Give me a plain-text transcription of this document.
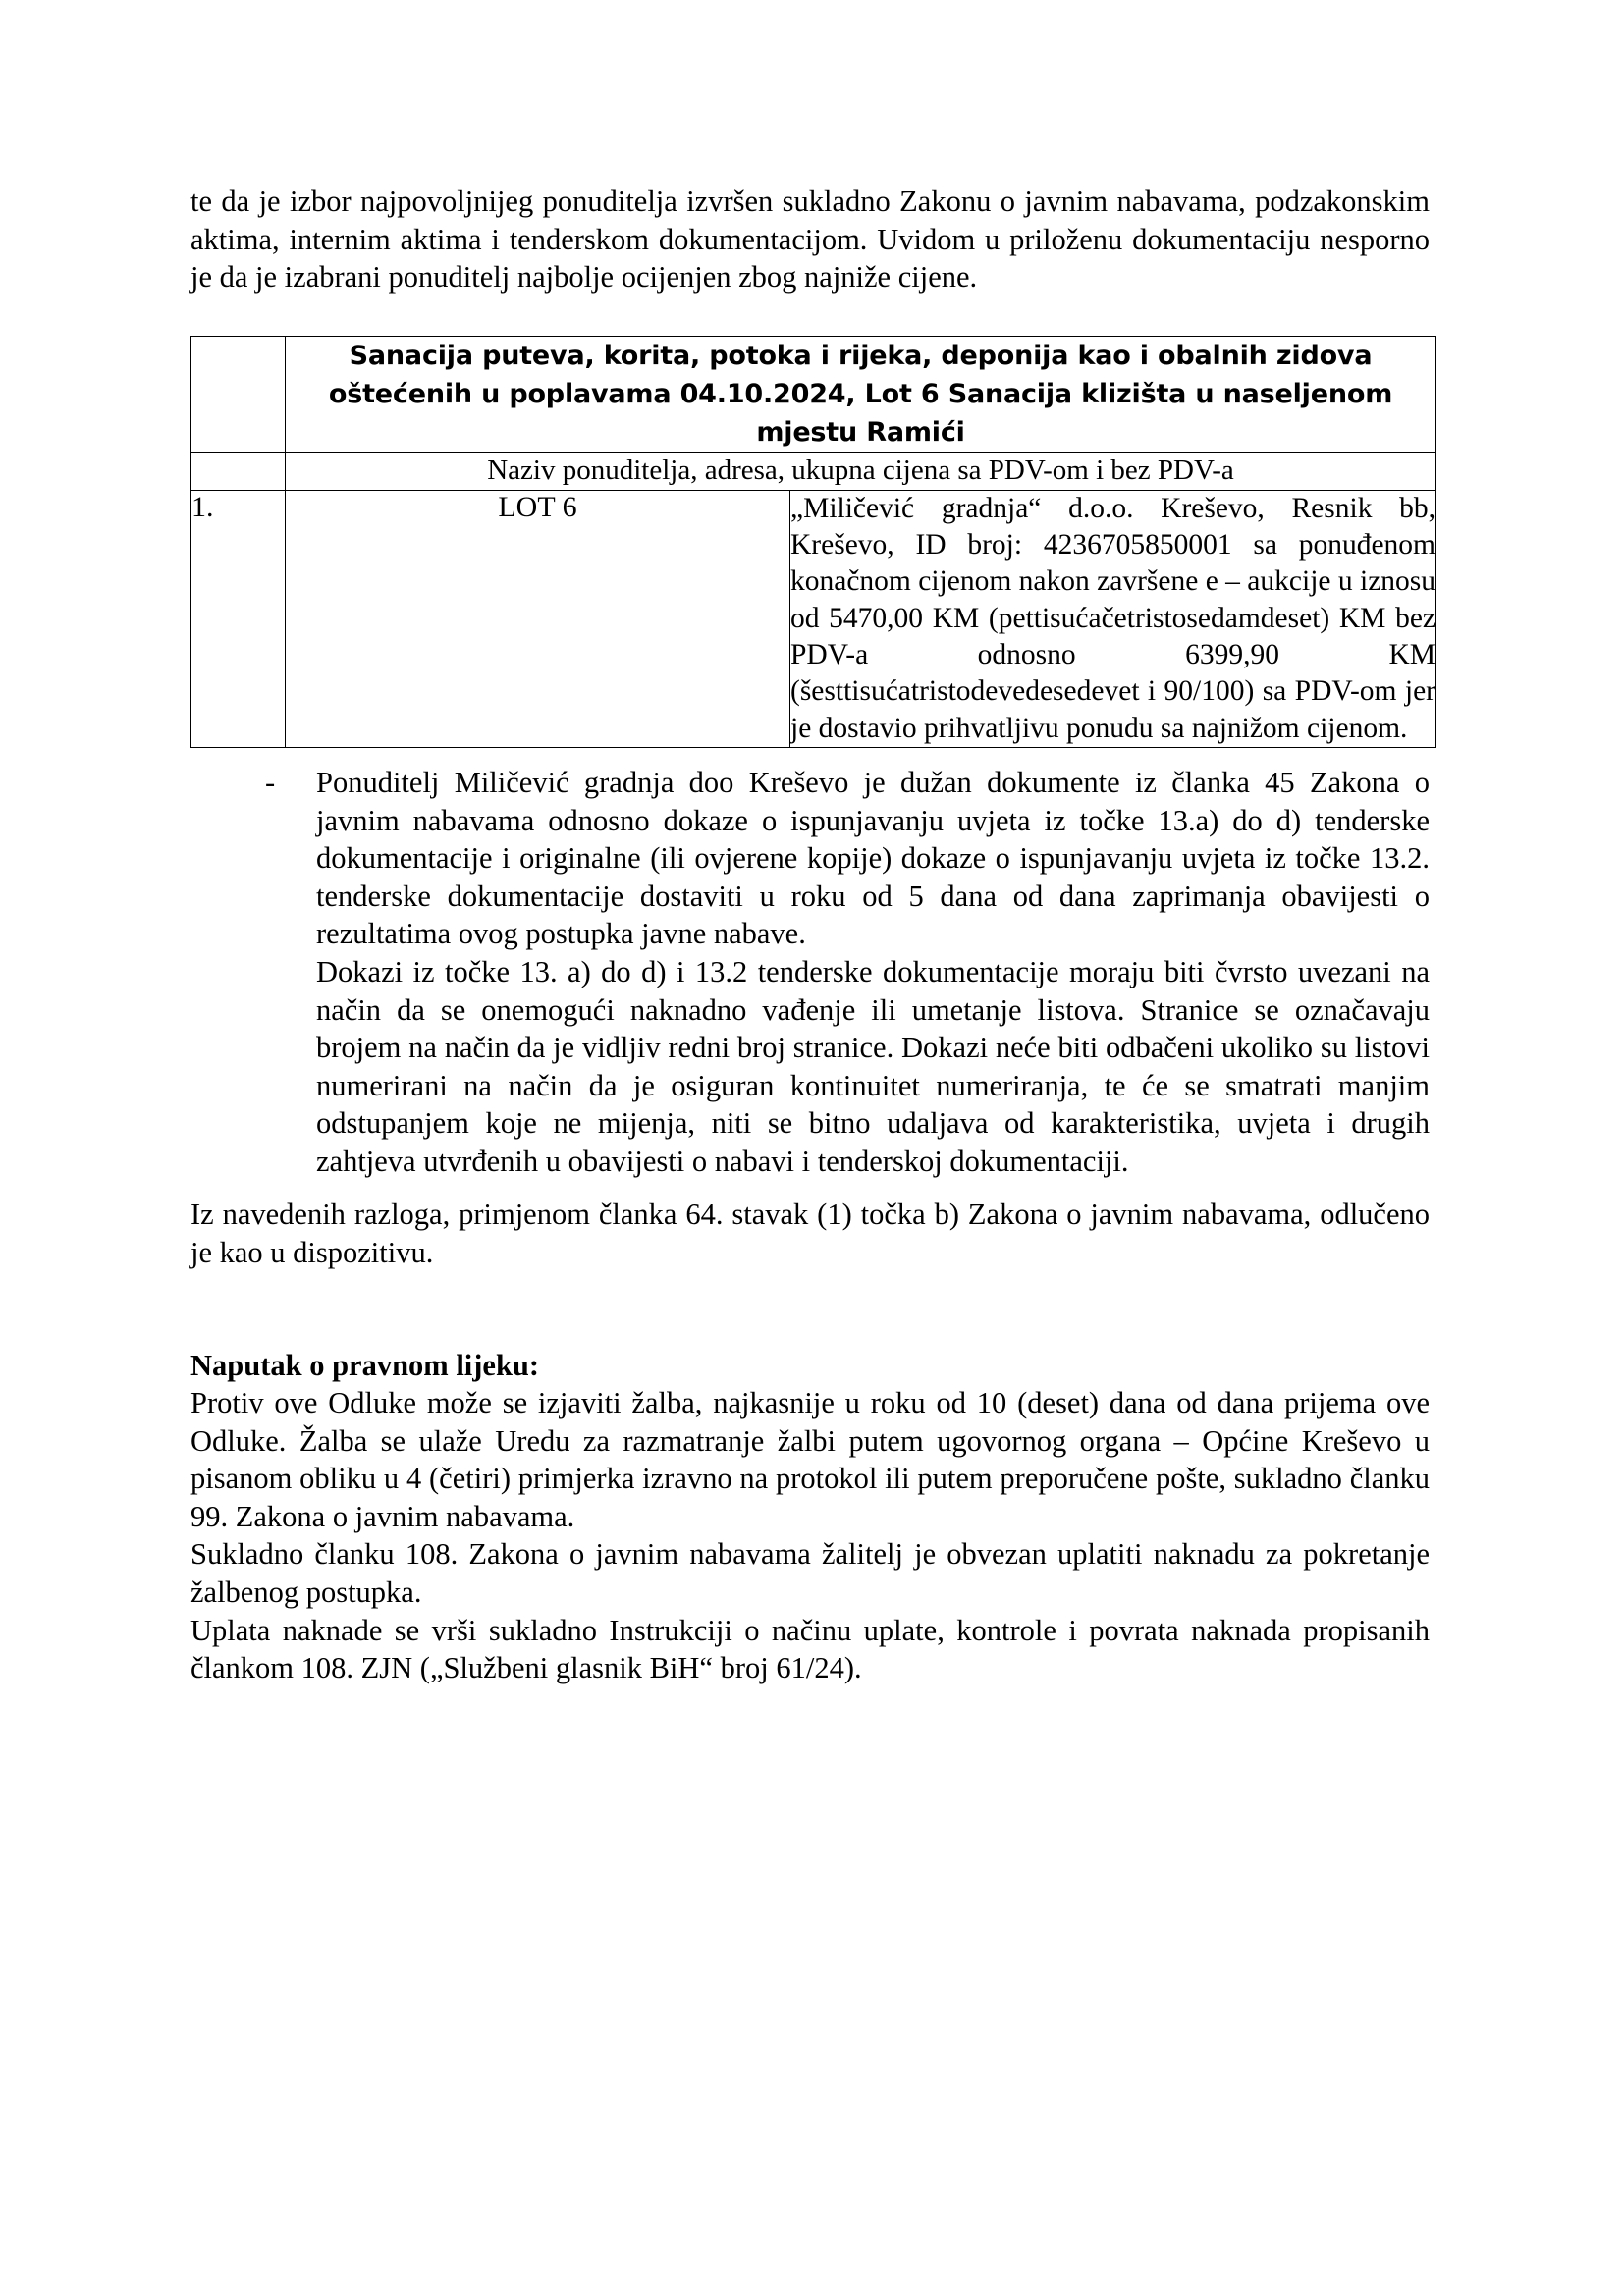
te da je izbor najpovoljnijeg ponuditelja izvršen sukladno Zakonu o javnim nabavama, podzakonskim aktima, internim aktima i tenderskom dokumentacijom. Uvidom u priloženu dokumentaciju nesporno je da je izabrani ponuditelj najbolje ocijenjen zbog najniže cijene.

	Sanacija puteva, korita, potoka i rijeka, deponija kao i obalnih zidova oštećenih u poplavama 04.10.2024, Lot 6 Sanacija klizišta u naseljenom mjestu Ramići	

	Naziv ponuditelja, adresa, ukupna cijena sa PDV-om i bez PDV-a	

1.	LOT 6	„Miličević gradnja“ d.o.o. Kreševo, Resnik bb, Kreševo, ID broj: 4236705850001 sa ponuđenom konačnom cijenom nakon završene e – aukcije u iznosu od 5470,00 KM (pettisućačetristosedamdeset) KM bez PDV-a odnosno 6399,90 KM (šesttisućatristodevedesedevet i 90/100) sa PDV-om jer je dostavio prihvatljivu ponudu sa najnižom cijenom.
-	Ponuditelj Miličević gradnja doo Kreševo je dužan dokumente iz članka 45 Zakona o javnim nabavama odnosno dokaze o ispunjavanju uvjeta iz točke 13.a) do d) tenderske dokumentacije i originalne (ili ovjerene kopije) dokaze o ispunjavanju uvjeta iz točke 13.2. tenderske dokumentacije dostaviti u roku od 5 dana od dana zaprimanja obavijesti o rezultatima ovog postupka javne nabave.
Dokazi iz točke 13. a) do d) i 13.2 tenderske dokumentacije moraju biti čvrsto uvezani na način da se onemogući naknadno vađenje ili umetanje listova. Stranice se označavaju brojem na način da je vidljiv redni broj stranice. Dokazi neće biti odbačeni ukoliko su listovi numerirani na način da je osiguran kontinuitet numeriranja, te će se smatrati manjim odstupanjem koje ne mijenja, niti se bitno udaljava od karakteristika, uvjeta i drugih zahtjeva utvrđenih u obavijesti o nabavi i tenderskoj dokumentaciji.

Iz navedenih razloga, primjenom članka 64. stavak (1) točka b) Zakona o javnim nabavama, odlučeno je kao u dispozitivu.

Naputak o pravnom lijeku:

Protiv ove Odluke može se izjaviti žalba, najkasnije u roku od 10 (deset) dana od dana prijema ove Odluke. Žalba se ulaže Uredu za razmatranje žalbi putem ugovornog organa – Općine Kreševo u pisanom obliku u 4 (četiri) primjerka izravno na protokol ili putem preporučene pošte, sukladno članku 99. Zakona o javnim nabavama.

Sukladno članku 108. Zakona o javnim nabavama žalitelj je obvezan uplatiti naknadu za pokretanje žalbenog postupka.

Uplata naknade se vrši sukladno Instrukciji o načinu uplate, kontrole i povrata naknada propisanih člankom 108. ZJN („Službeni glasnik BiH“ broj 61/24).
